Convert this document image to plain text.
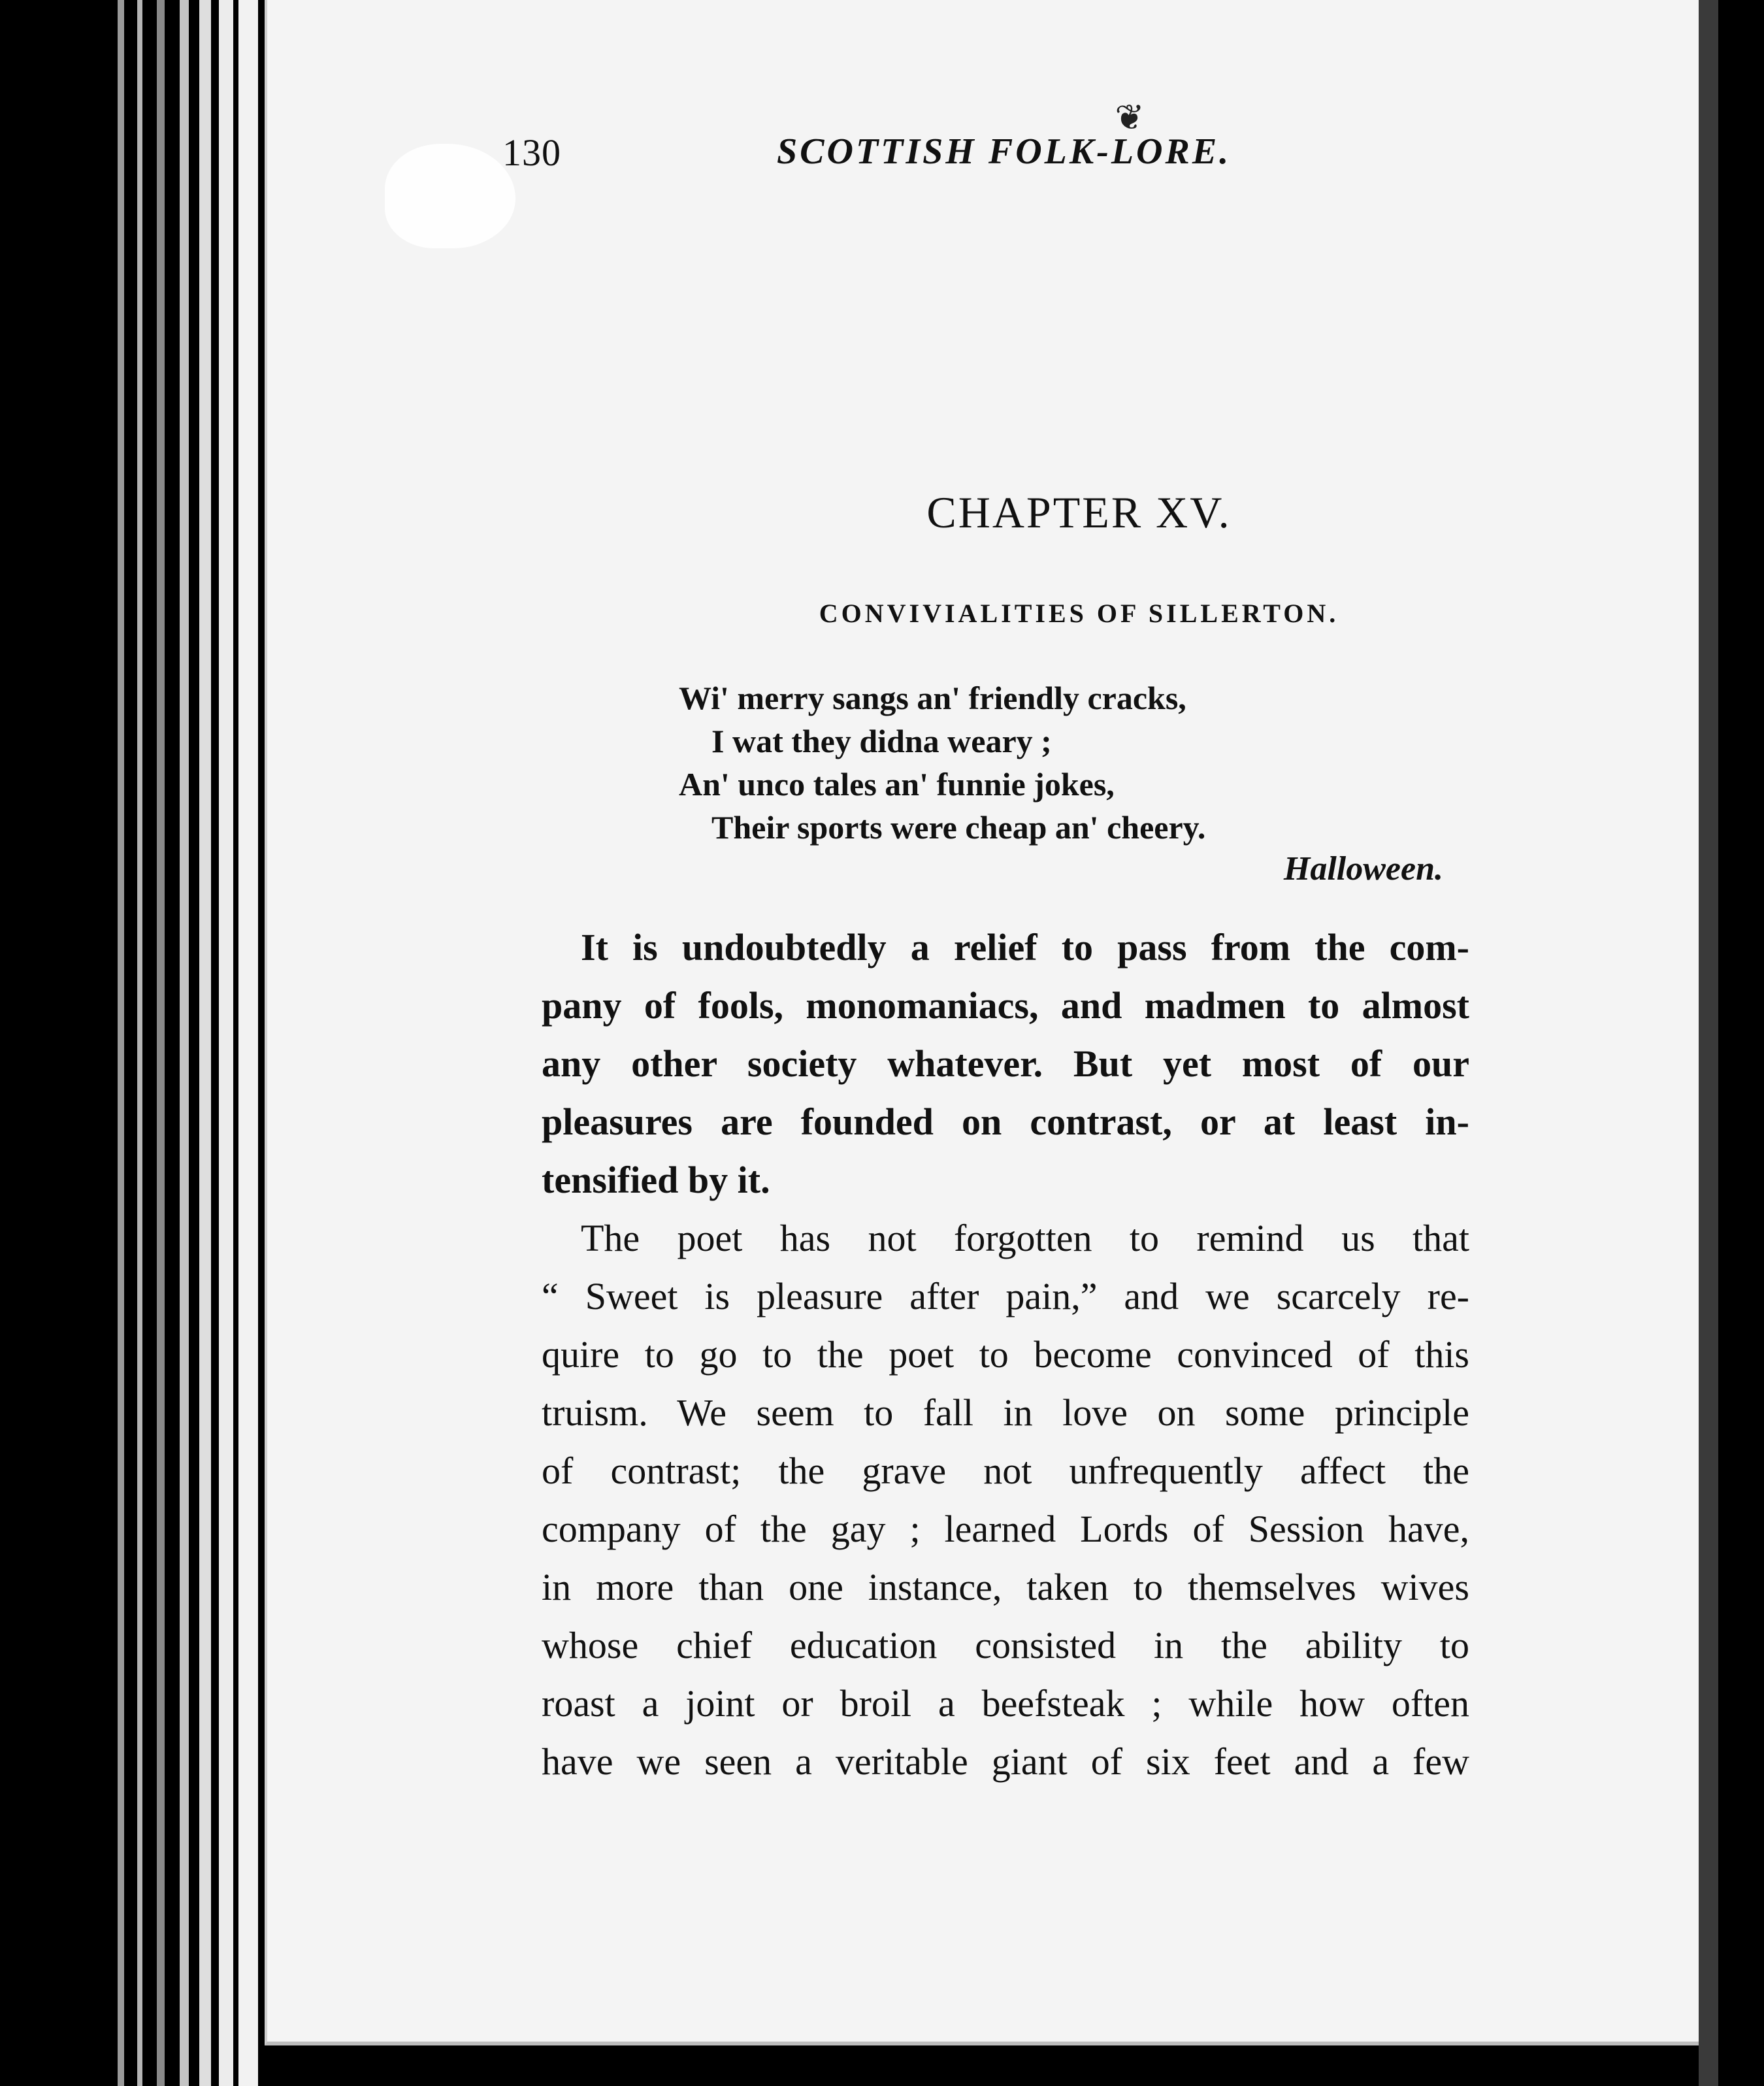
❦
130	SCOTTISH FOLK-LORE.
CHAPTER XV.
CONVIVIALITIES OF SILLERTON.
Wi' merry sangs an' friendly cracks,
I wat they didna weary ;
An' unco tales an' funnie jokes,
Their sports were cheap an' cheery.
Halloween.
It is undoubtedly a relief to pass from the com-
pany of fools, monomaniacs, and madmen to almost
any other society whatever. But yet most of our
pleasures are founded on contrast, or at least in-
tensified by it.
The poet has not forgotten to remind us that
“ Sweet is pleasure after pain,” and we scarcely re-
quire to go to the poet to become convinced of this
truism. We seem to fall in love on some principle
of contrast; the grave not unfrequently affect the
company of the gay ; learned Lords of Session have,
in more than one instance, taken to themselves wives
whose chief education consisted in the ability to
roast a joint or broil a beefsteak ; while how often
have we seen a veritable giant of six feet and a few
